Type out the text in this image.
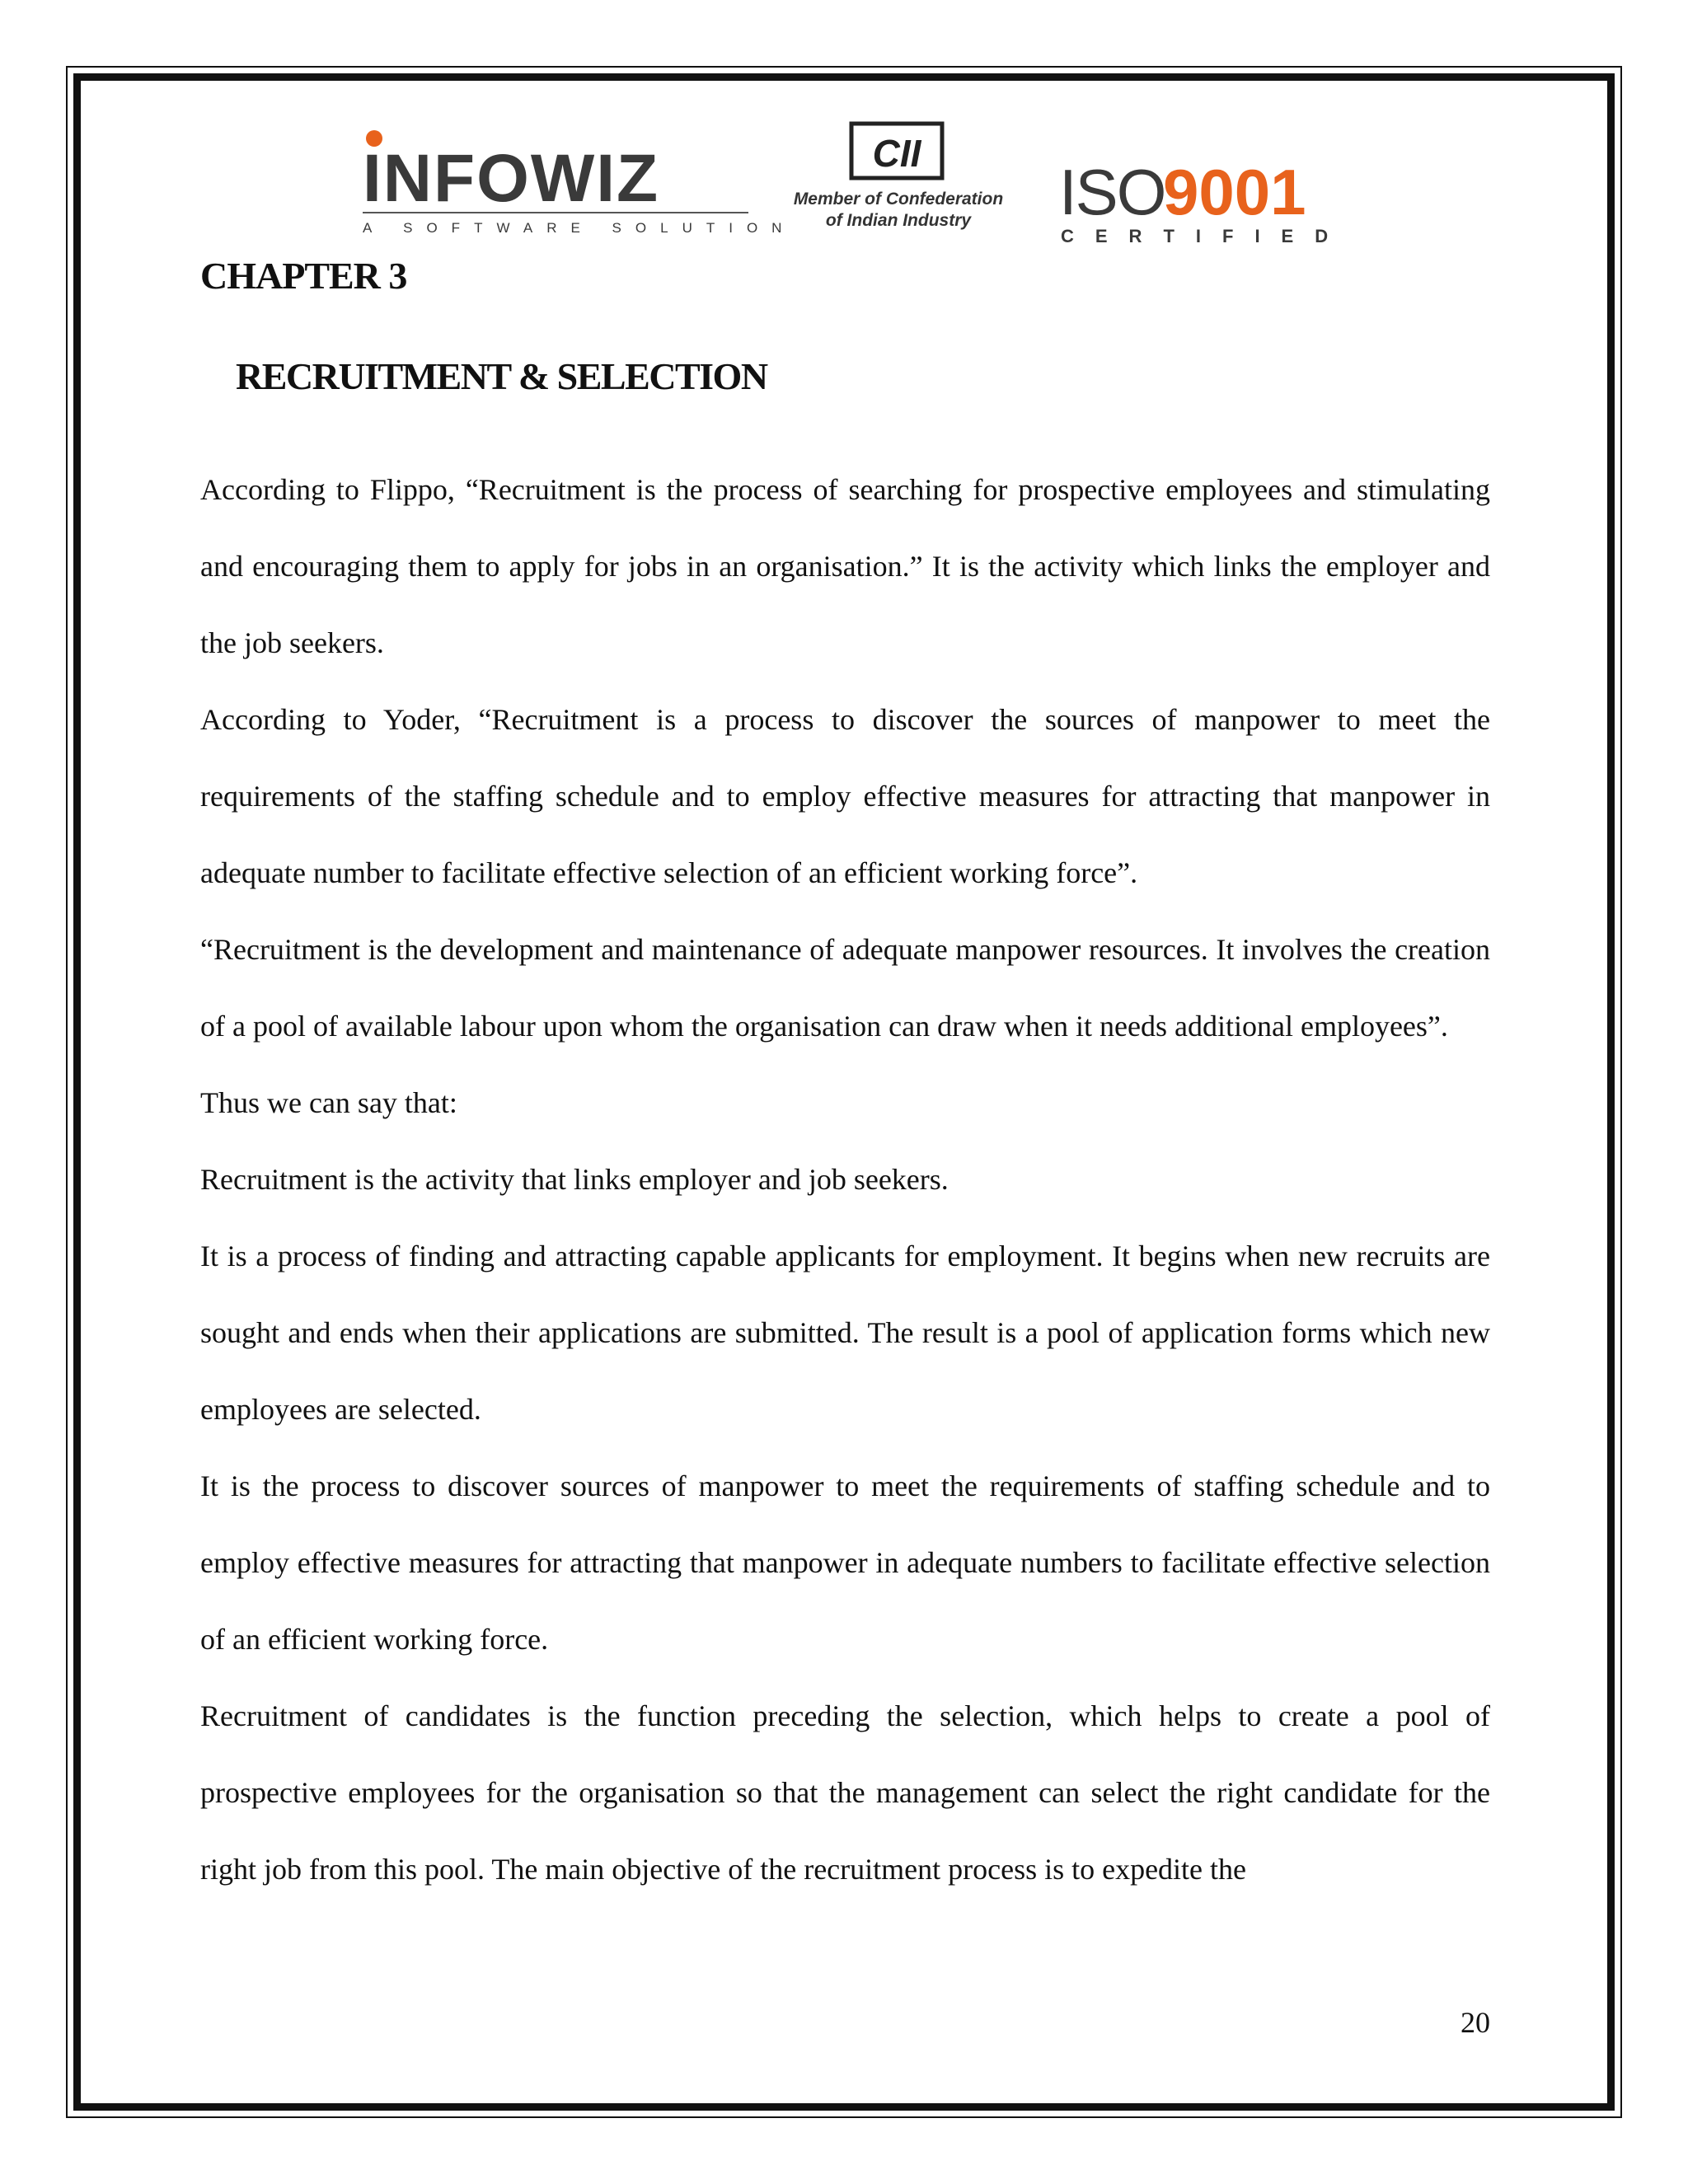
INFOWIZ
A SOFTWARE SOLUTION
CII
Member of Confederation
of Indian Industry ISO
9001
CERTIFIED
CHAPTER 3
RECRUITMENT & SELECTION

According to Flippo, “Recruitment is the process of searching for prospective employees and stimulating and encouraging them to apply for jobs in an organisation.” It is the activity which links the employer and the job seekers.

According to Yoder, “Recruitment is a process to discover the sources of manpower to meet the requirements of the staffing schedule and to employ effective measures for attracting that manpower in adequate number to facilitate effective selection of an efficient working force”.

“Recruitment is the development and maintenance of adequate manpower resources. It involves the creation of a pool of available labour upon whom the organisation can draw when it needs additional employees”.

Thus we can say that:

Recruitment is the activity that links employer and job seekers.

It is a process of finding and attracting capable applicants for employment. It begins when new recruits are sought and ends when their applications are submitted. The result is a pool of application forms which new employees are selected.

It is the process to discover sources of manpower to meet the requirements of staffing schedule and to employ effective measures for attracting that manpower in adequate numbers to facilitate effective selection of an efficient working force.

Recruitment of candidates is the function preceding the selection, which helps to create a pool of prospective employees for the organisation so that the management can select the right candidate for the right job from this pool. The main objective of the recruitment process is to expedite the

20
